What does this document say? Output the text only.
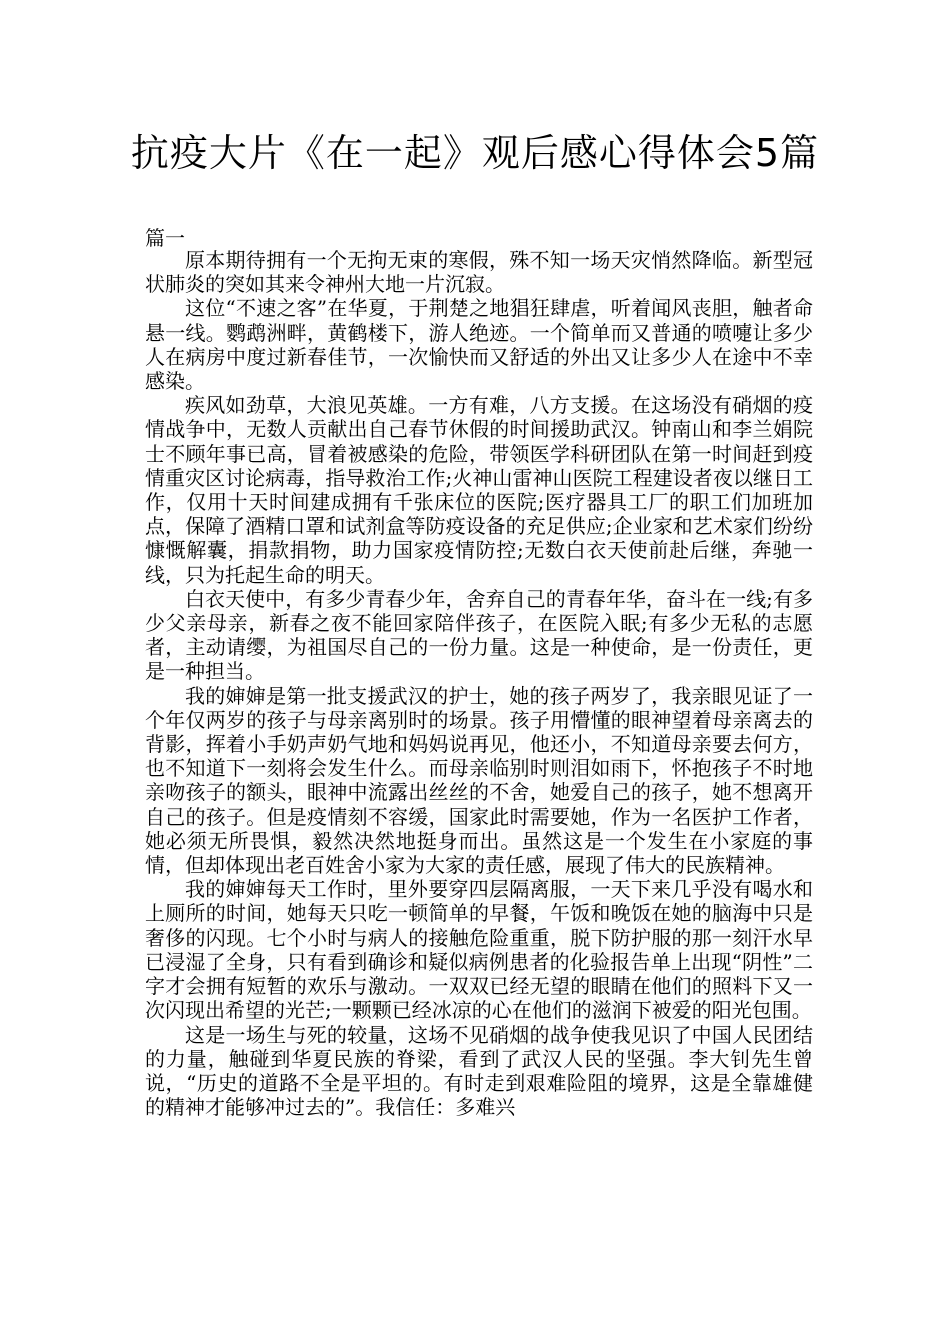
抗疫大片《在一起》观后感心得体会5篇
篇一

原本期待拥有一个无拘无束的寒假，殊不知一场天灾悄然降临。新型冠状肺炎的突如其来令神州大地一片沉寂。

这位“不速之客”在华夏，于荆楚之地猖狂肆虐，听着闻风丧胆，触者命悬一线。鹦鹉洲畔，黄鹤楼下，游人绝迹。一个简单而又普通的喷嚏让多少人在病房中度过新春佳节，一次愉快而又舒适的外出又让多少人在途中不幸感染。

疾风如劲草，大浪见英雄。一方有难，八方支援。在这场没有硝烟的疫情战争中，无数人贡献出自己春节休假的时间援助武汉。钟南山和李兰娟院士不顾年事已高，冒着被感染的危险，带领医学科研团队在第一时间赶到疫情重灾区讨论病毒，指导救治工作;火神山雷神山医院工程建设者夜以继日工作，仅用十天时间建成拥有千张床位的医院;医疗器具工厂的职工们加班加点，保障了酒精口罩和试剂盒等防疫设备的充足供应;企业家和艺术家们纷纷慷慨解囊，捐款捐物，助力国家疫情防控;无数白衣天使前赴后继，奔驰一线，只为托起生命的明天。

白衣天使中，有多少青春少年，舍弃自己的青春年华，奋斗在一线;有多少父亲母亲，新春之夜不能回家陪伴孩子，在医院入眠;有多少无私的志愿者，主动请缨，为祖国尽自己的一份力量。这是一种使命，是一份责任，更是一种担当。

我的婶婶是第一批支援武汉的护士，她的孩子两岁了，我亲眼见证了一个年仅两岁的孩子与母亲离别时的场景。孩子用懵懂的眼神望着母亲离去的背影，挥着小手奶声奶气地和妈妈说再见，他还小，不知道母亲要去何方，也不知道下一刻将会发生什么。而母亲临别时则泪如雨下，怀抱孩子不时地亲吻孩子的额头，眼神中流露出丝丝的不舍，她爱自己的孩子，她不想离开自己的孩子。但是疫情刻不容缓，国家此时需要她，作为一名医护工作者，她必须无所畏惧，毅然决然地挺身而出。虽然这是一个发生在小家庭的事情，但却体现出老百姓舍小家为大家的责任感，展现了伟大的民族精神。

我的婶婶每天工作时，里外要穿四层隔离服，一天下来几乎没有喝水和上厕所的时间，她每天只吃一顿简单的早餐，午饭和晚饭在她的脑海中只是奢侈的闪现。七个小时与病人的接触危险重重，脱下防护服的那一刻汗水早已浸湿了全身，只有看到确诊和疑似病例患者的化验报告单上出现“阴性”二字才会拥有短暂的欢乐与激动。一双双已经无望的眼睛在他们的照料下又一次闪现出希望的光芒;一颗颗已经冰凉的心在他们的滋润下被爱的阳光包围。

这是一场生与死的较量，这场不见硝烟的战争使我见识了中国人民团结的力量，触碰到华夏民族的脊梁，看到了武汉人民的坚强。李大钊先生曾说，“历史的道路不全是平坦的。有时走到艰难险阻的境界，这是全靠雄健的精神才能够冲过去的”。我信任：多难兴
